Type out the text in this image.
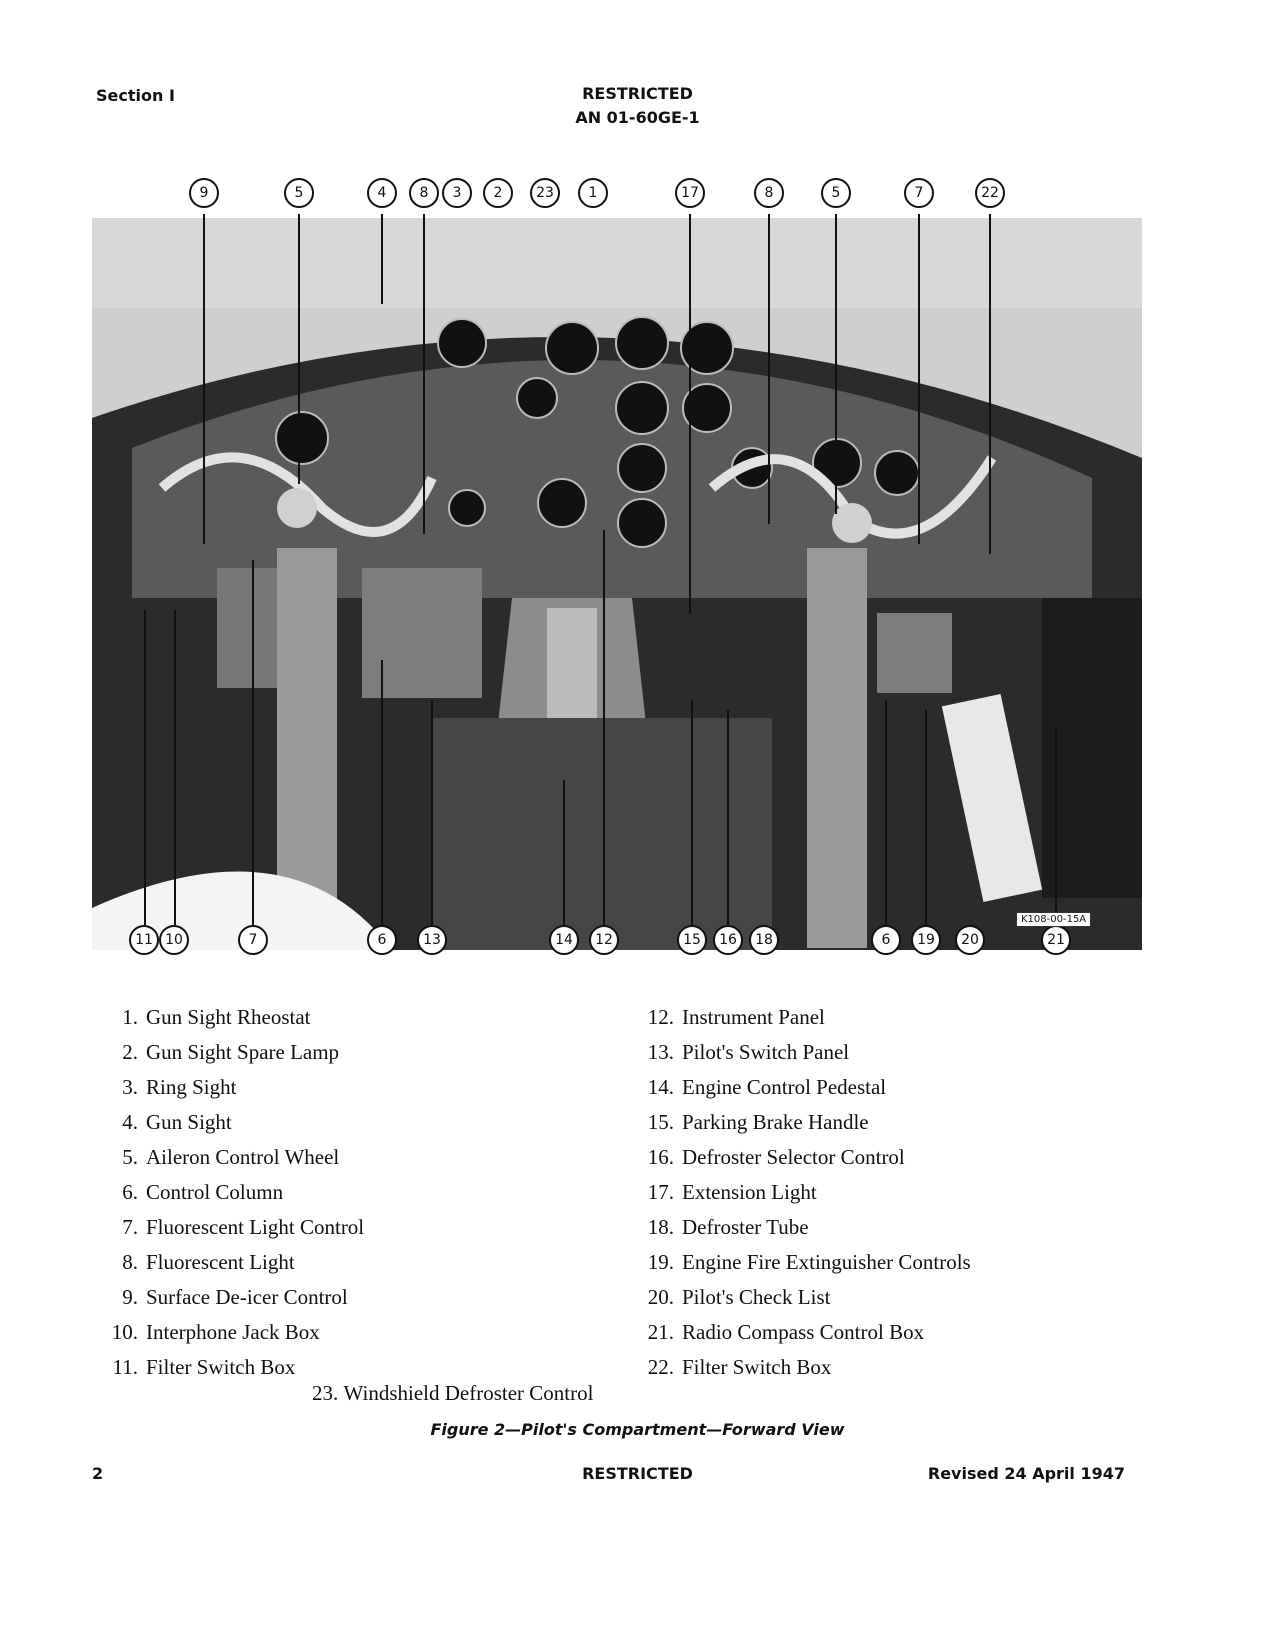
Section I	RESTRICTED
AN 01-60GE-1
9	5	4	8	3	2	23	1	17	8	5	7	22
11 10	7	6	13	14	12	15	16	18	6	19	20	21
K108-00-15A
1. Gun Sight Rheostat
2. Gun Sight Spare Lamp
3. Ring Sight
4. Gun Sight
5. Aileron Control Wheel
6. Control Column
7. Fluorescent Light Control
8. Fluorescent Light
9. Surface De-icer Control
10. Interphone Jack Box
11. Filter Switch Box
12. Instrument Panel
13. Pilot's Switch Panel
14. Engine Control Pedestal
15. Parking Brake Handle
16. Defroster Selector Control
17. Extension Light
18. Defroster Tube
19. Engine Fire Extinguisher Controls
20. Pilot's Check List
21. Radio Compass Control Box
22. Filter Switch Box
23.
Windshield Defroster Control
Figure 2—Pilot's Compartment—Forward View
2	RESTRICTED	Revised 24 April 1947
